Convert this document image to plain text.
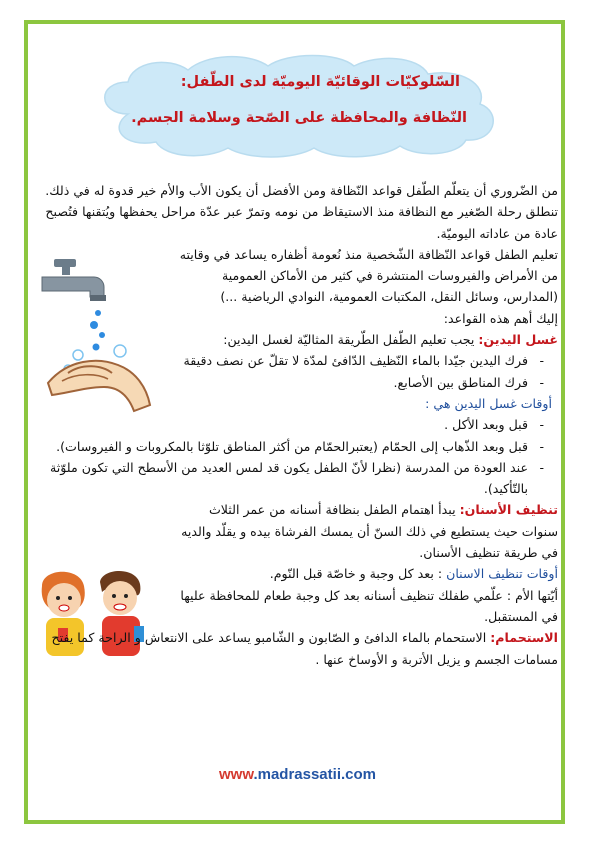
السّلوكيّات الوقائيّة اليوميّة لدى الطّفل:
النّظافة والمحافظة على الصّحة وسلامة الجسم.

من الضّروري أن يتعلّم الطّفل قواعد النّظافة ومن الأفضل أن يكون الأب والأم خير قدوة له في ذلك.

تنطلق رحلة الصّغير مع النظافة منذ الاستيقاظ من نومه وتمرّ عبر عدّة مراحل يحفظها ويُتقنها فتُصبح عادة من عاداته اليوميّة.

تعليم الطفل قواعد النّظافة الشّخصية منذ نُعومة أظفاره يساعد في وقايته من الأمراض والفيروسات المنتشرة في كثير من الأماكن العمومية (المدارس، وسائل النقل، المكتبات العمومية، النوادي الرياضية ...)

إليك أهم هذه القواعد:

غسل اليدين: يجب تعليم الطّفل الطّريقة المثاليّة لغسل اليدين:

- فرك اليدين جيّدا بالماء النّظيف الدّافئ لمدّة لا تقلّ عن نصف دقيقة
- فرك المناطق بين الأصابع.

أوقات غسل اليدين هي :

- قبل وبعد الأكل .
- قبل وبعد الذّهاب إلى الحمّام (يعتبرالحمّام من أكثر المناطق تلوّثا بالمكروبات و الفيروسات).
- عند العودة من المدرسة (نظرا لأنّ الطفل يكون قد لمس العديد من الأسطح التي تكون ملوّثة بالتّأكيد).

تنظيف الأسنان: يبدأ اهتمام الطفل بنظافة أسنانه من عمر الثلاث سنوات حيث يستطيع في ذلك السنّ أن يمسك الفرشاة بيده و يقلّد والديه في طريقة تنظيف الأسنان.

أوقات تنظيف الاسنان : بعد كل وجبة و خاصّة قبل النّوم.

أيّتها الأم : علّمي طفلك تنظيف أسنانه بعد كل وجبة طعام للمحافظة عليها في المستقبل.

الاستحمام: الاستحمام بالماء الدافئ و الصّابون و الشّامبو يساعد على الانتعاش و الراحة كما يفتح مسامات الجسم و يزيل الأتربة و الأوساخ عنها .

www.madrassatii.com
